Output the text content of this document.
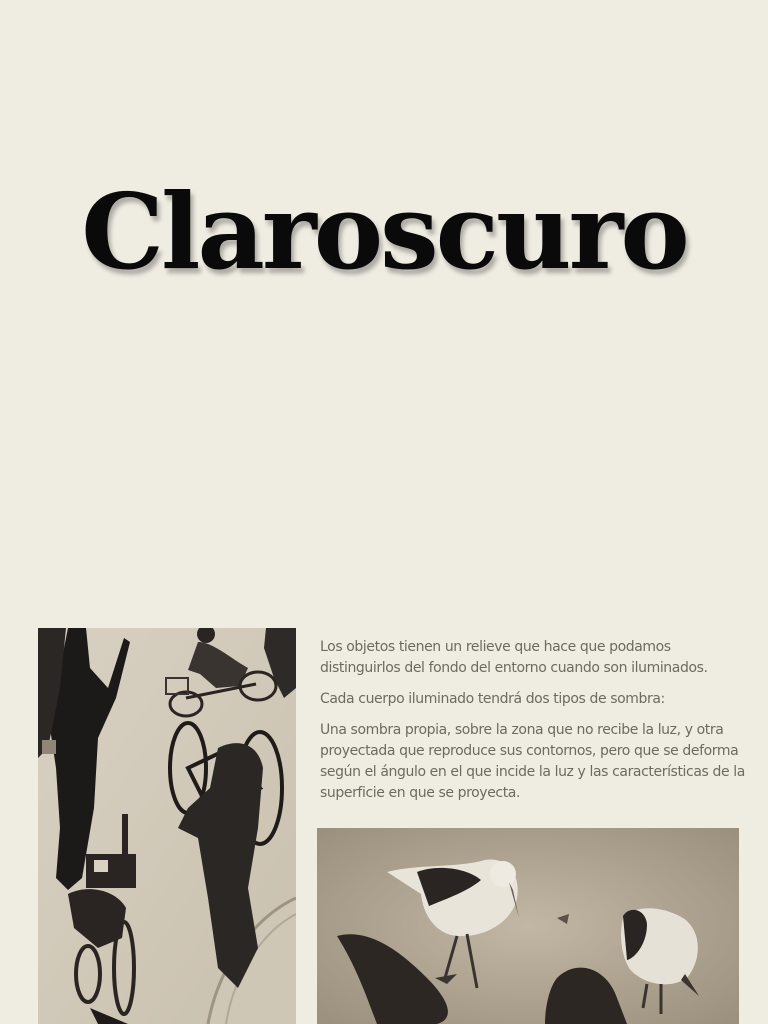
Claroscuro

Los objetos tienen un relieve que hace que podamos distinguirlos del fondo del entorno cuando son iluminados.

Cada cuerpo iluminado tendrá dos tipos de sombra:

Una sombra propia, sobre la zona que no recibe la luz, y otra proyectada que reproduce sus contornos, pero que se deforma según el ángulo en el que incide la luz y las características de la superficie en que se proyecta.
